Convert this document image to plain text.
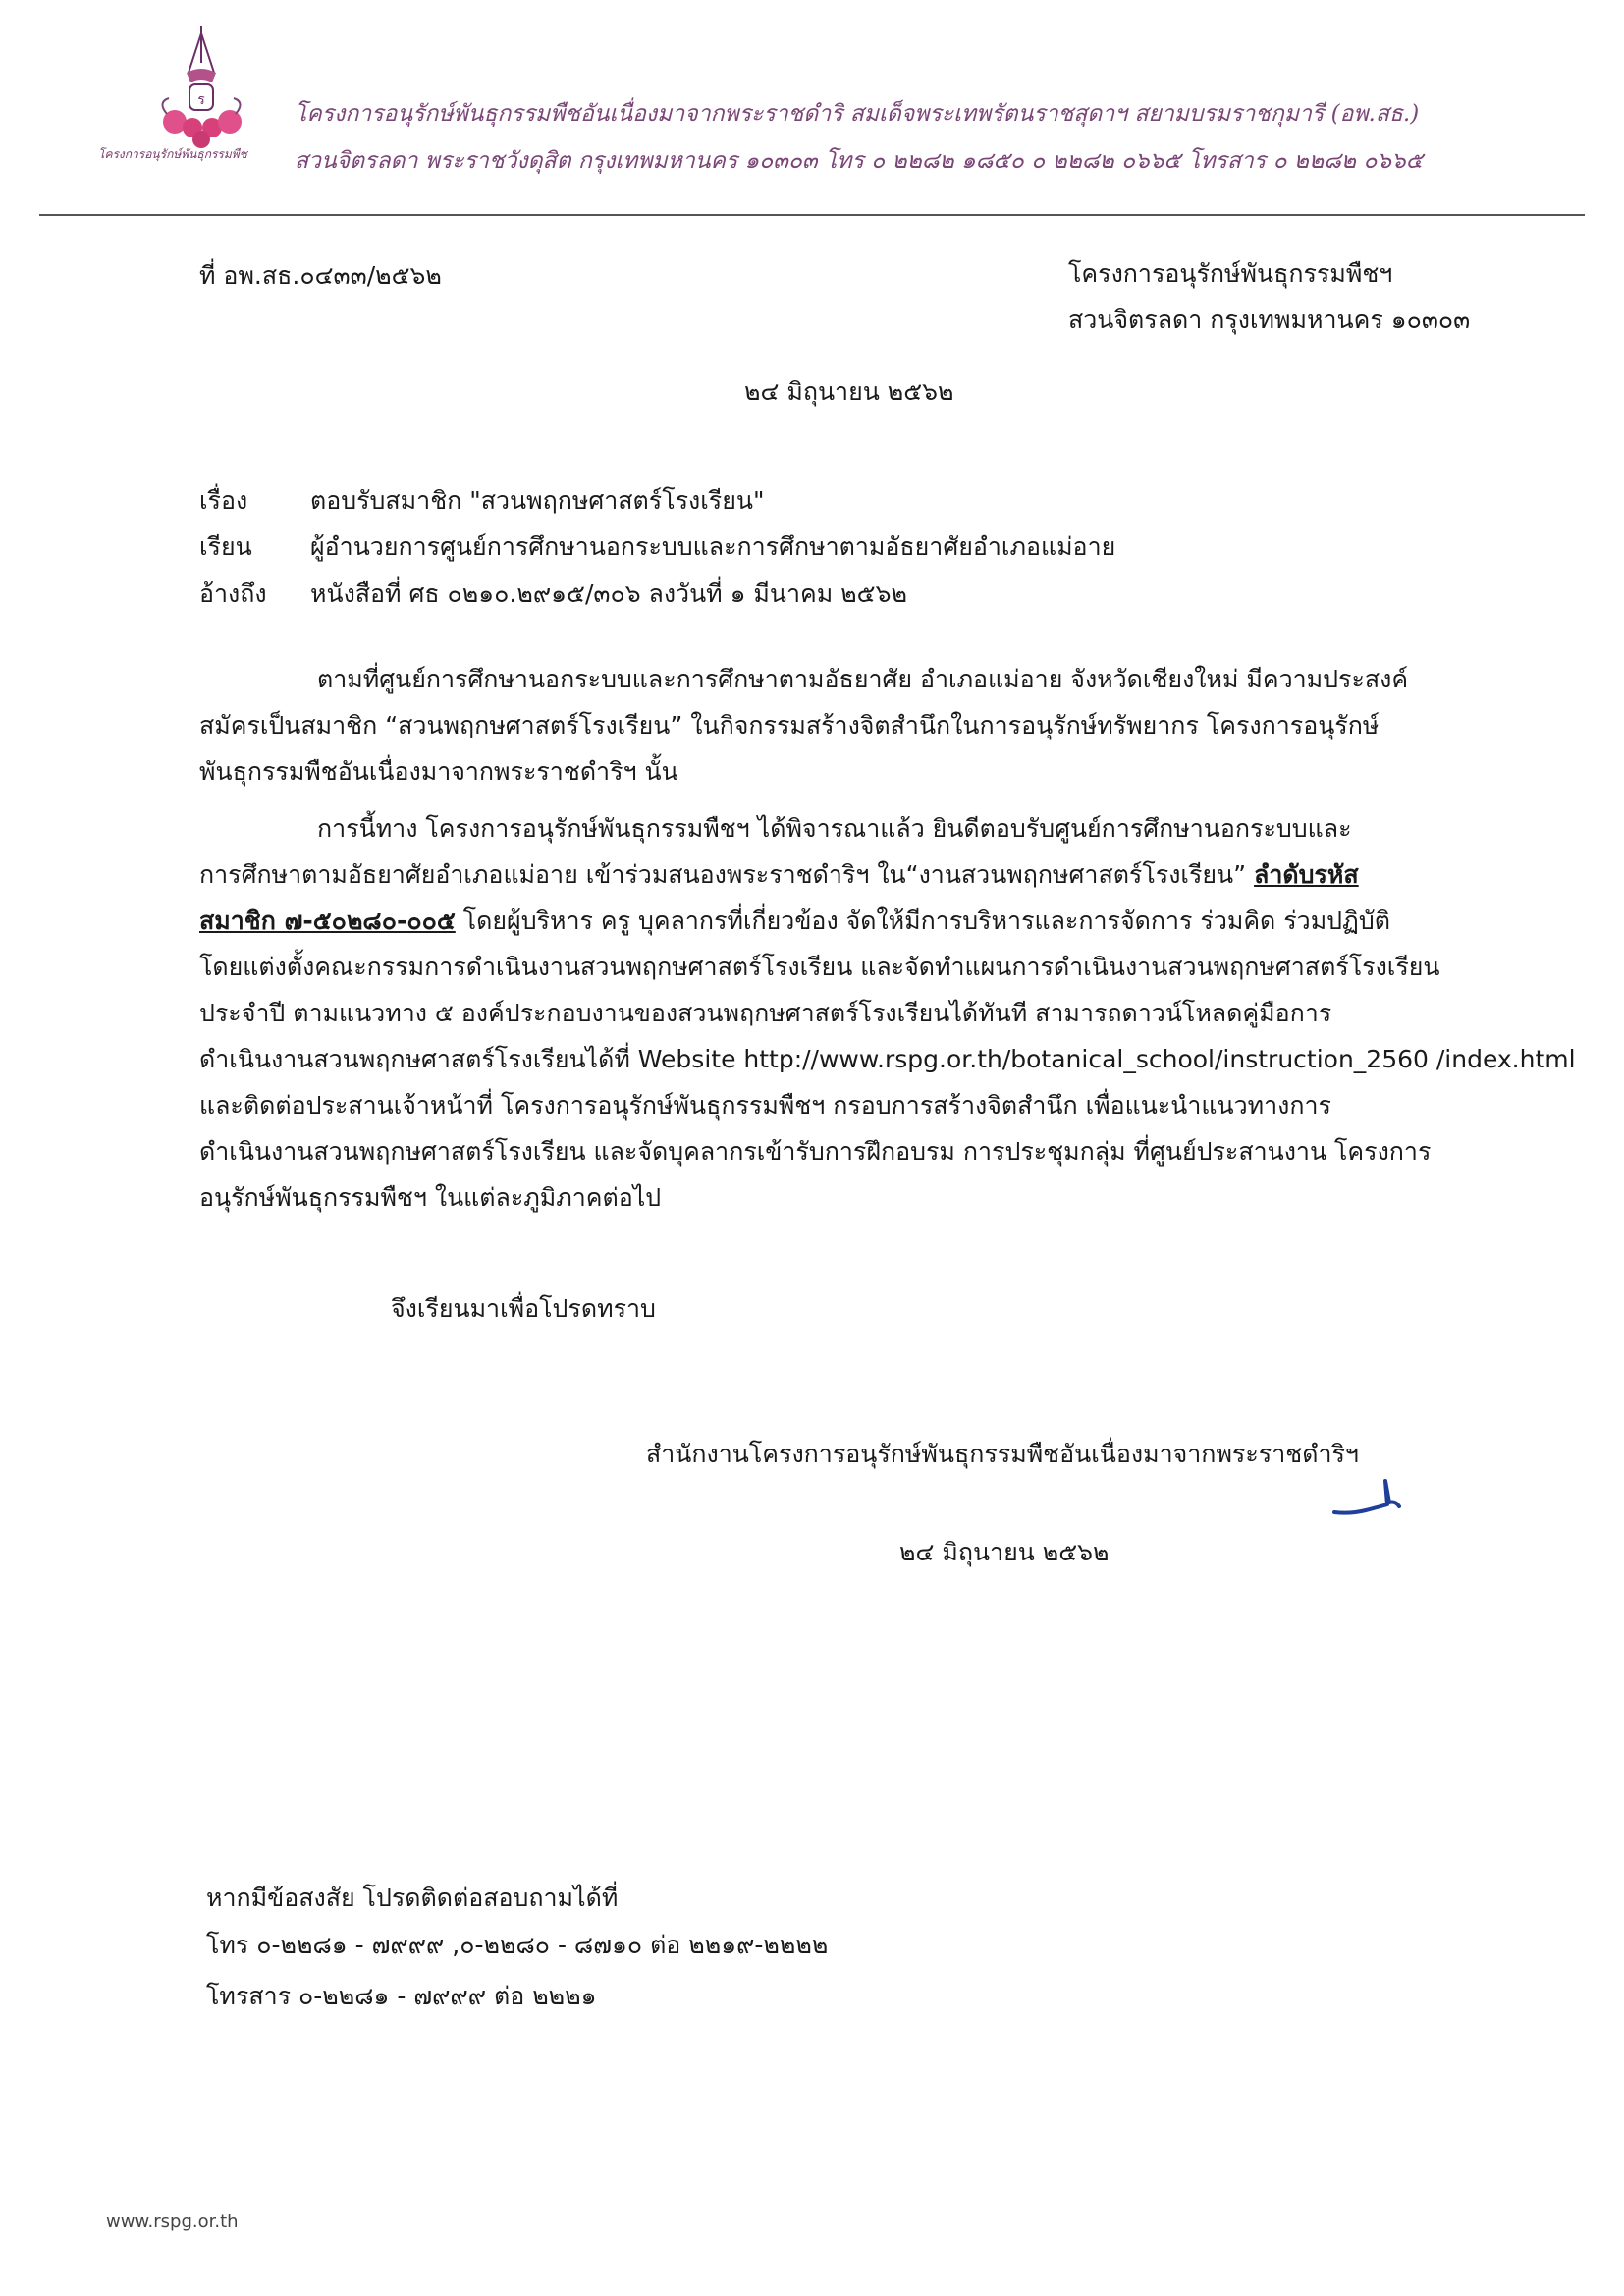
ร
โครงการอนุรักษ์พันธุกรรมพืช
โครงการอนุรักษ์พันธุกรรมพืชอันเนื่องมาจากพระราชดำริ สมเด็จพระเทพรัตนราชสุดาฯ สยามบรมราชกุมารี (อพ.สธ.)
สวนจิตรลดา พระราชวังดุสิต กรุงเทพมหานคร ๑๐๓๐๓ โทร ๐ ๒๒๘๒ ๑๘๕๐ ๐ ๒๒๘๒ ๐๖๖๕ โทรสาร ๐ ๒๒๘๒ ๐๖๖๕
ที่ อพ.สธ.๐๔๓๓/๒๕๖๒	โครงการอนุรักษ์พันธุกรรมพืชฯ
สวนจิตรลดา กรุงเทพมหานคร ๑๐๓๐๓
๒๔ มิถุนายน ๒๕๖๒
เรื่อง	ตอบรับสมาชิก "สวนพฤกษศาสตร์โรงเรียน"
เรียน ผู้อำนวยการศูนย์การศึกษานอกระบบและการศึกษาตามอัธยาศัยอำเภอแม่อาย
อ้างถึง หนังสือที่ ศธ ๐๒๑๐.๒๙๑๕/๓๐๖ ลงวันที่ ๑ มีนาคม ๒๕๖๒
ตามที่ศูนย์การศึกษานอกระบบและการศึกษาตามอัธยาศัย อำเภอแม่อาย จังหวัดเชียงใหม่ มีความประสงค์
สมัครเป็นสมาชิก “สวนพฤกษศาสตร์โรงเรียน” ในกิจกรรมสร้างจิตสำนึกในการอนุรักษ์ทรัพยากร โครงการอนุรักษ์
พันธุกรรมพืชอันเนื่องมาจากพระราชดำริฯ นั้น
การนี้ทาง โครงการอนุรักษ์พันธุกรรมพืชฯ ได้พิจารณาแล้ว ยินดีตอบรับศูนย์การศึกษานอกระบบและ
การศึกษาตามอัธยาศัยอำเภอแม่อาย เข้าร่วมสนองพระราชดำริฯ ใน“งานสวนพฤกษศาสตร์โรงเรียน” ลำดับรหัส
สมาชิก ๗-๕๐๒๘๐-๐๐๕ โดยผู้บริหาร ครู บุคลากรที่เกี่ยวข้อง จัดให้มีการบริหารและการจัดการ ร่วมคิด ร่วมปฏิบัติ
โดยแต่งตั้งคณะกรรมการดำเนินงานสวนพฤกษศาสตร์โรงเรียน และจัดทำแผนการดำเนินงานสวนพฤกษศาสตร์โรงเรียน
ประจำปี ตามแนวทาง ๕ องค์ประกอบงานของสวนพฤกษศาสตร์โรงเรียนได้ทันที สามารถดาวน์โหลดคู่มือการ
ดำเนินงานสวนพฤกษศาสตร์โรงเรียนได้ที่ Website http://www.rspg.or.th/botanical_school/instruction_2560 /index.html
และติดต่อประสานเจ้าหน้าที่ โครงการอนุรักษ์พันธุกรรมพืชฯ กรอบการสร้างจิตสำนึก เพื่อแนะนำแนวทางการ
ดำเนินงานสวนพฤกษศาสตร์โรงเรียน และจัดบุคลากรเข้ารับการฝึกอบรม การประชุมกลุ่ม ที่ศูนย์ประสานงาน โครงการ
อนุรักษ์พันธุกรรมพืชฯ ในแต่ละภูมิภาคต่อไป
จึงเรียนมาเพื่อโปรดทราบ
สำนักงานโครงการอนุรักษ์พันธุกรรมพืชอันเนื่องมาจากพระราชดำริฯ
๒๔ มิถุนายน ๒๕๖๒
หากมีข้อสงสัย โปรดติดต่อสอบถามได้ที่
โทร ๐-๒๒๘๑ - ๗๙๙๙ ,๐-๒๒๘๐ - ๘๗๑๐ ต่อ ๒๒๑๙-๒๒๒๒
โทรสาร ๐-๒๒๘๑ - ๗๙๙๙ ต่อ ๒๒๒๑
www.rspg.or.th
